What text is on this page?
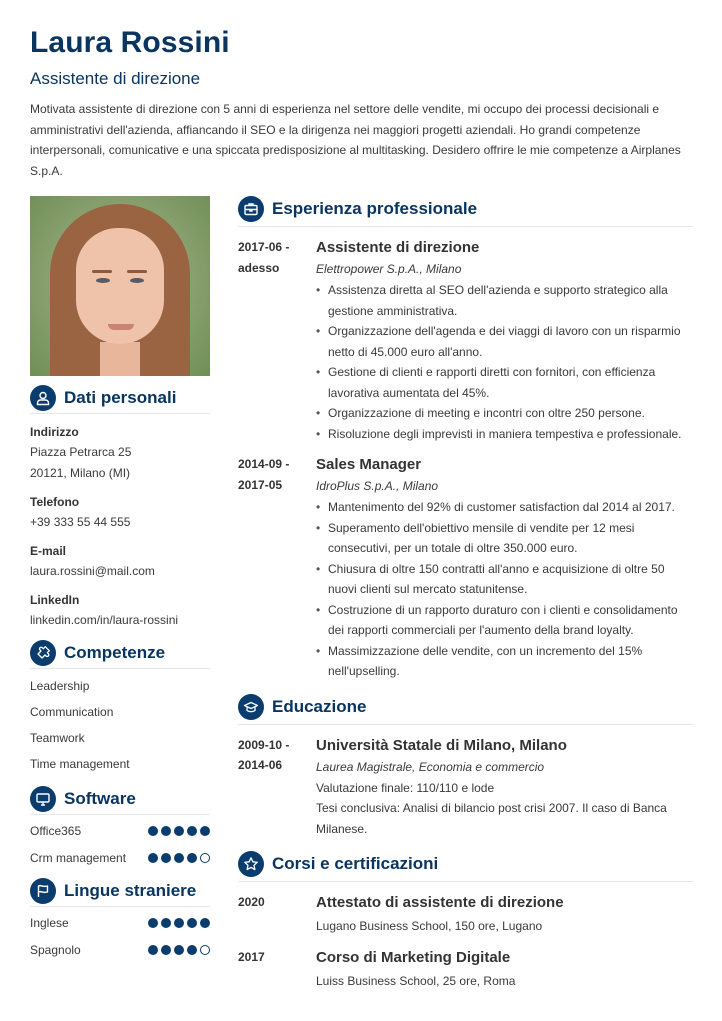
Laura Rossini
Assistente di direzione

Motivata assistente di direzione con 5 anni di esperienza nel settore delle vendite, mi occupo dei processi decisionali e amministrativi dell'azienda, affiancando il SEO e la dirigenza nei maggiori progetti aziendali. Ho grandi competenze interpersonali, comunicative e una spiccata predisposizione al multitasking. Desidero offrire le mie competenze a Airplanes S.p.A.

Dati personali
Indirizzo
Piazza Petrarca 25
20121, Milano (MI)
Telefono
+39 333 55 44 555
E-mail
laura.rossini@mail.com
LinkedIn
linkedin.com/in/laura-rossini
Competenze
Leadership
Communication
Teamwork
Time management
Software
Office365
Crm management
Lingue straniere
Inglese
Spagnolo
Esperienza professionale
2017-06 -
adesso
Assistente di direzione
Elettropower S.p.A., Milano
• Assistenza diretta al SEO dell'azienda e supporto strategico alla gestione amministrativa.
• Organizzazione dell'agenda e dei viaggi di lavoro con un risparmio netto di 45.000 euro all'anno.
• Gestione di clienti e rapporti diretti con fornitori, con efficienza lavorativa aumentata del 45%.
• Organizzazione di meeting e incontri con oltre 250 persone.
• Risoluzione degli imprevisti in maniera tempestiva e professionale.
2014-09 -
2017-05
Sales Manager
IdroPlus S.p.A., Milano
• Mantenimento del 92% di customer satisfaction dal 2014 al 2017.
• Superamento dell'obiettivo mensile di vendite per 12 mesi consecutivi, per un totale di oltre 350.000 euro.
• Chiusura di oltre 150 contratti all'anno e acquisizione di oltre 50 nuovi clienti sul mercato statunitense.
• Costruzione di un rapporto duraturo con i clienti e consolidamento dei rapporti commerciali per l'aumento della brand loyalty.
• Massimizzazione delle vendite, con un incremento del 15% nell'upselling.
Educazione
2009-10 -
2014-06
Università Statale di Milano, Milano
Laurea Magistrale, Economia e commercio
Valutazione finale: 110/110 e lode
Tesi conclusiva: Analisi di bilancio post crisi 2007. Il caso di Banca Milanese.
Corsi e certificazioni
2020	Attestato di assistente di direzione
Lugano Business School, 150 ore, Lugano
2017	Corso di Marketing Digitale
Luiss Business School, 25 ore, Roma
